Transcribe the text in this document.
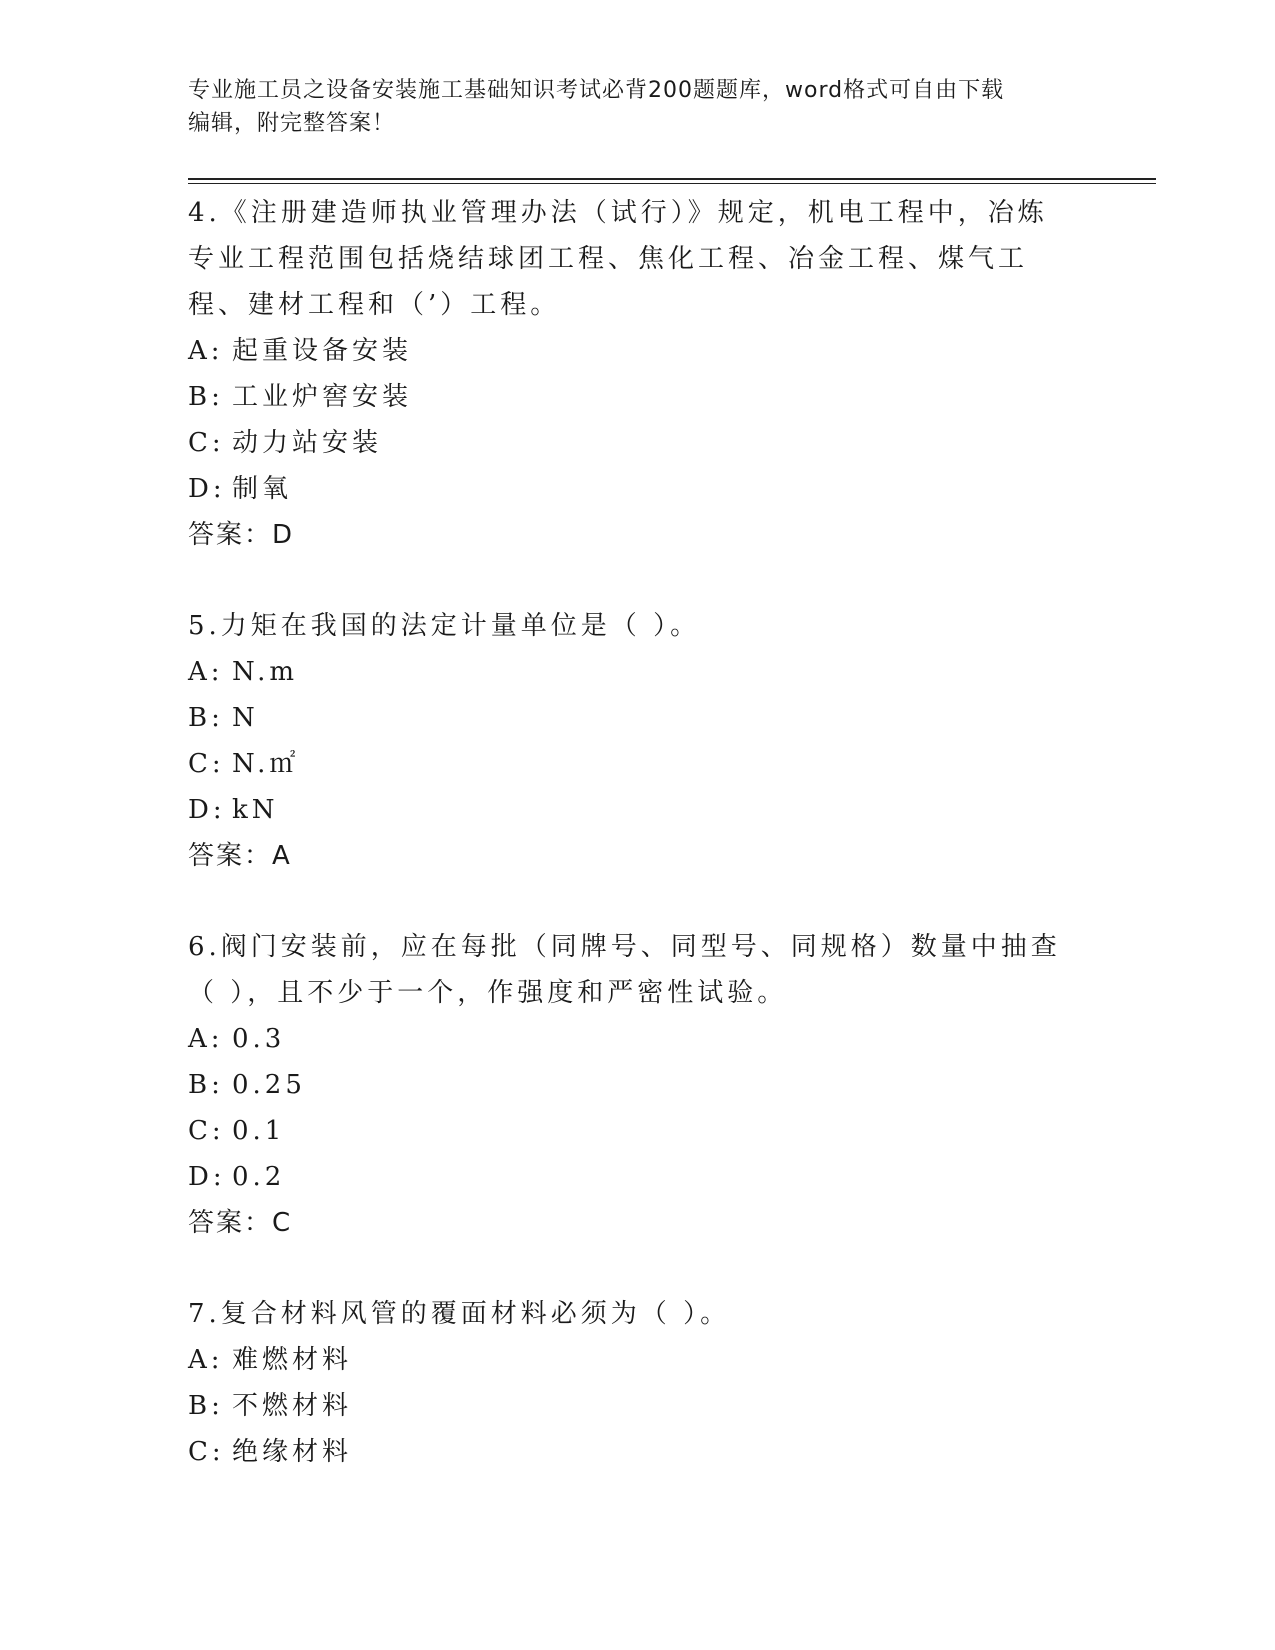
专业施工员之设备安装施工基础知识考试必背200题题库，word格式可自由下载
编辑，附完整答案！

4.《注册建造师执业管理办法（试行）》规定，机电工程中，冶炼专业工程范围包括烧结球团工程、焦化工程、冶金工程、煤气工程、建材工程和（’）工程。

A: 起重设备安装
B: 工业炉窖安装
C: 动力站安装
D: 制氧

答案：D

5.力矩在我国的法定计量单位是（ ）。

A: N.m
B: N
C: N.㎡
D: kN

答案：A

6.阀门安装前，应在每批（同牌号、同型号、同规格）数量中抽查（ ），且不少于一个，作强度和严密性试验。

A: 0.3
B: 0.25
C: 0.1
D: 0.2

答案：C

7.复合材料风管的覆面材料必须为（ ）。

A: 难燃材料
B: 不燃材料
C: 绝缘材料
